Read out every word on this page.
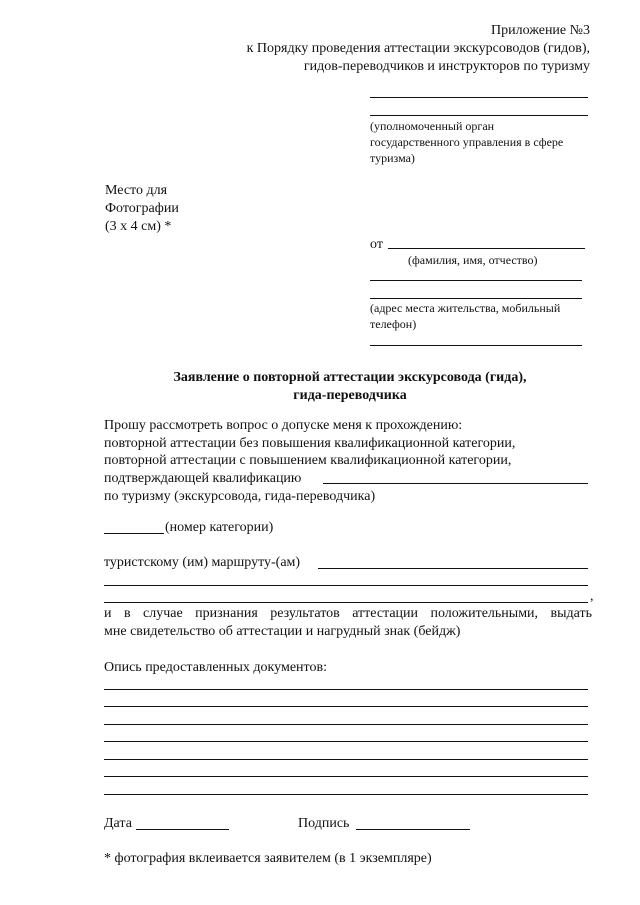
Приложение №3
к Порядку проведения аттестации экскурсоводов (гидов),
гидов-переводчиков и инструкторов по туризму
(уполномоченный орган
государственного управления в сфере
туризма)
Место для
Фотографии
(3 х 4 см) *
от
(фамилия, имя, отчество)
(адрес места жительства, мобильный
телефон)
Заявление о повторной аттестации экскурсовода (гида),
гида-переводчика
Прошу рассмотреть вопрос о допуске меня к прохождению:
повторной аттестации без повышения квалификационной категории,
повторной аттестации с повышением квалификационной категории,
подтверждающей квалификацию
по туризму (экскурсовода, гида-переводчика)
(номер категории)
туристскому (им) маршруту-(ам)
,
и в случае признания результатов аттестации положительными, выдать
мне свидетельство об аттестации и нагрудный знак (бейдж)
Опись предоставленных документов:
Дата	Подпись
* фотография вклеивается заявителем (в 1 экземпляре)
